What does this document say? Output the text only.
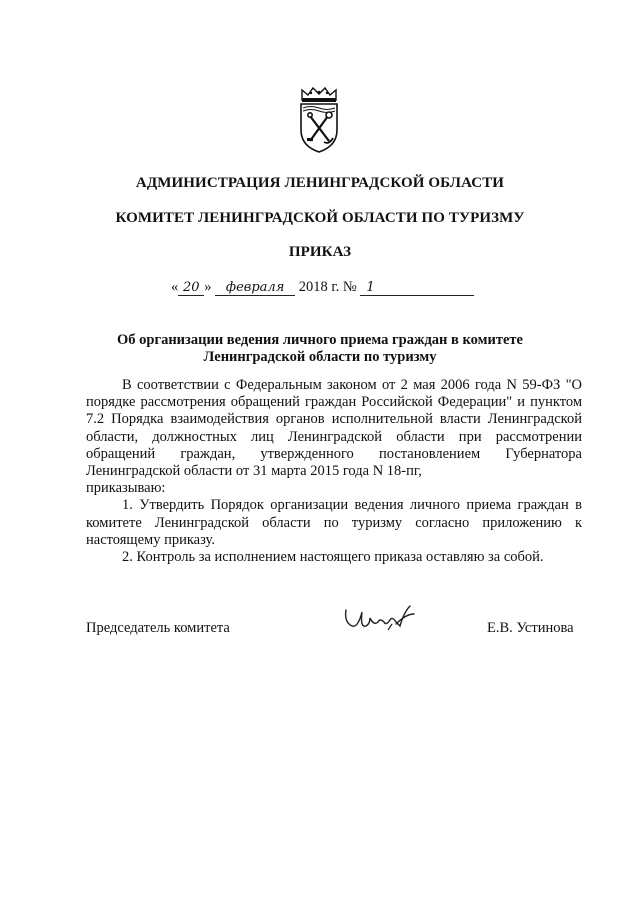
АДМИНИСТРАЦИЯ ЛЕНИНГРАДСКОЙ ОБЛАСТИ
КОМИТЕТ ЛЕНИНГРАДСКОЙ ОБЛАСТИ ПО ТУРИЗМУ
ПРИКАЗ
« 20 » февраля 2018 г. № 1
Об организации ведения личного приема граждан в комитете
Ленинградской области по туризму

В соответствии с Федеральным законом от 2 мая 2006 года N 59-ФЗ "О порядке рассмотрения обращений граждан Российской Федерации" и пунктом 7.2 Порядка взаимодействия органов исполнительной власти Ленинградской области, должностных лиц Ленинградской области при рассмотрении обращений граждан, утвержденного постановлением Губернатора Ленинградской области от 31 марта 2015 года N 18-пг,

приказываю:

1. Утвердить Порядок организации ведения личного приема граждан в комитете Ленинградской области по туризму согласно приложению к настоящему приказу.

2. Контроль за исполнением настоящего приказа оставляю за собой.

Председатель комитета	Е.В. Устинова
